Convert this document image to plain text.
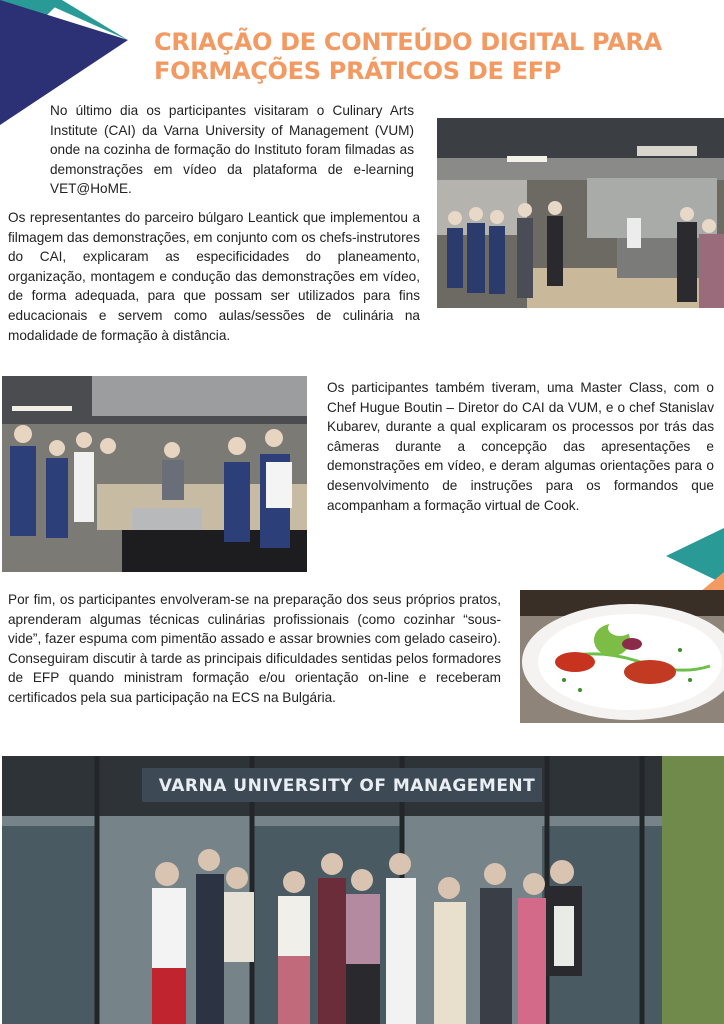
CRIAÇÃO DE CONTEÚDO DIGITAL PARA
FORMAÇÕES PRÁTICOS DE EFP
No último dia os participantes visitaram o Culinary Arts Institute (CAI) da Varna University of Management (VUM) onde na cozinha de formação do Instituto foram filmadas as demonstrações em vídeo da plataforma de e-learning VET@HoME.
Os representantes do parceiro búlgaro Leantick que implementou a filmagem das demonstrações, em conjunto com os chefs-instrutores do CAI, explicaram as especificidades do planeamento, organização, montagem e condução das demonstrações em vídeo, de forma adequada, para que possam ser utilizados para fins educacionais e servem como aulas/sessões de culinária na modalidade de formação à distância.
Os participantes também tiveram, uma Master Class, com o Chef Hugue Boutin – Diretor do CAI da VUM, e o chef Stanislav Kubarev, durante a qual explicaram os processos por trás das câmeras durante a concepção das apresentações e demonstrações em vídeo, e deram algumas orientações para o desenvolvimento de instruções para os formandos que acompanham a formação virtual de Cook.
Por fim, os participantes envolveram-se na preparação dos seus próprios pratos, aprenderam algumas técnicas culinárias profissionais (como cozinhar “sous-vide”, fazer espuma com pimentão assado e assar brownies com gelado caseiro). Conseguiram discutir à tarde as principais dificuldades sentidas pelos formadores de EFP quando ministram formação e/ou orientação on-line e receberam certificados pela sua participação na ECS na Bulgária.
VARNA UNIVERSITY OF MANAGEMENT
